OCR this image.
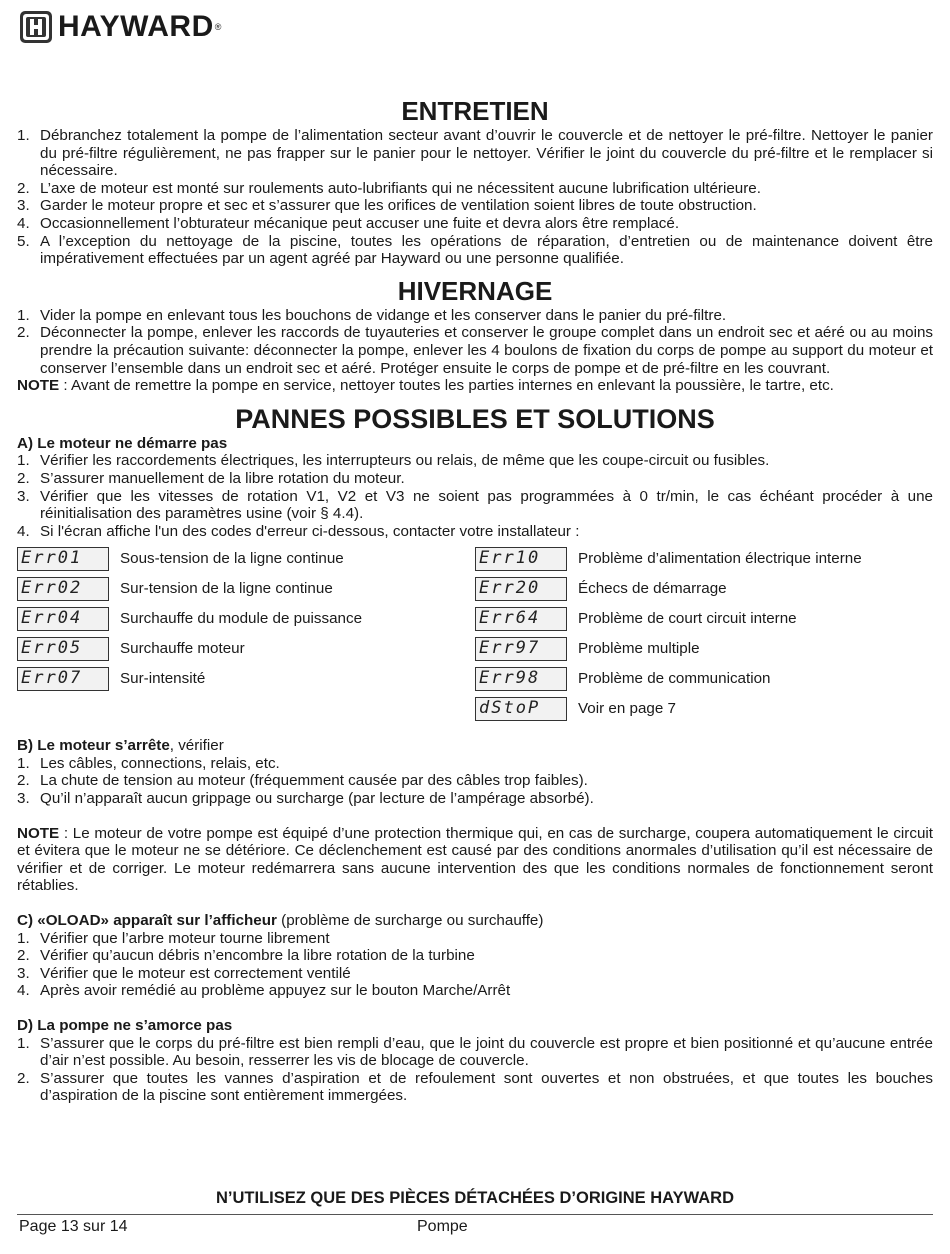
HAYWARD ®
ENTRETIEN
1. Débranchez totalement la pompe de l’alimentation secteur avant d’ouvrir le couvercle et de nettoyer le pré-filtre. Nettoyer le panier du pré-filtre régulièrement, ne pas frapper sur le panier pour le nettoyer. Vérifier le joint du couvercle du pré-filtre et le remplacer si nécessaire.
2. L’axe de moteur est monté sur roulements auto-lubrifiants qui ne nécessitent aucune lubrification ultérieure.
3. Garder le moteur propre et sec et s’assurer que les orifices de ventilation soient libres de toute obstruction.
4. Occasionnellement l’obturateur mécanique peut accuser une fuite et devra alors être remplacé.
5. A l’exception du nettoyage de la piscine, toutes les opérations de réparation, d’entretien ou de maintenance doivent être impérativement effectuées par un agent agréé par Hayward ou une personne qualifiée.
HIVERNAGE
1. Vider la pompe en enlevant tous les bouchons de vidange et les conserver dans le panier du pré-filtre.
2. Déconnecter la pompe, enlever les raccords de tuyauteries et conserver le groupe complet dans un endroit sec et aéré ou au moins prendre la précaution suivante: déconnecter la pompe, enlever les 4 boulons de fixation du corps de pompe au support du moteur et conserver l’ensemble dans un endroit sec et aéré. Protéger ensuite le corps de pompe et de pré-filtre en les couvrant.
NOTE : Avant de remettre la pompe en service, nettoyer toutes les parties internes en enlevant la poussière, le tartre, etc.
PANNES POSSIBLES ET SOLUTIONS
A) Le moteur ne démarre pas
1. Vérifier les raccordements électriques, les interrupteurs ou relais, de même que les coupe-circuit ou fusibles.
2. S’assurer manuellement de la libre rotation du moteur.
3. Vérifier que les vitesses de rotation V1, V2 et V3 ne soient pas programmées à 0 tr/min, le cas échéant procéder à une réinitialisation des paramètres usine (voir § 4.4).
4. Si l'écran affiche l'un des codes d'erreur ci-dessous, contacter votre installateur :
Err01	Sous-tension de la ligne continue
Err02	Sur-tension de la ligne continue
Err04	Surchauffe du module de puissance
Err05	Surchauffe moteur
Err07	Sur-intensité
Err10	Problème d’alimentation électrique interne
Err20	Échecs de démarrage
Err64	Problème de court circuit interne
Err97	Problème multiple
Err98	Problème de communication
dStoP	Voir en page 7
B) Le moteur s’arrête, vérifier
1. Les câbles, connections, relais, etc.
2. La chute de tension au moteur (fréquemment causée par des câbles trop faibles).
3. Qu’il n’apparaît aucun grippage ou surcharge (par lecture de l’ampérage absorbé).
NOTE : Le moteur de votre pompe est équipé d’une protection thermique qui, en cas de surcharge, coupera automatiquement le circuit et évitera que le moteur ne se détériore. Ce déclenchement est causé par des conditions anormales d’utilisation qu’il est nécessaire de vérifier et de corriger. Le moteur redémarrera sans aucune intervention des que les conditions normales de fonctionnement seront rétablies.
C) «OLOAD» apparaît sur l’afficheur (problème de surcharge ou surchauffe)
1. Vérifier que l’arbre moteur tourne librement
2. Vérifier qu’aucun débris n’encombre la libre rotation de la turbine
3. Vérifier que le moteur est correctement ventilé
4. Après avoir remédié au problème appuyez sur le bouton Marche/Arrêt
D) La pompe ne s’amorce pas
1. S’assurer que le corps du pré-filtre est bien rempli d’eau, que le joint du couvercle est propre et bien positionné et qu’aucune entrée d’air n’est possible. Au besoin, resserrer les vis de blocage de couvercle.
2. S’assurer que toutes les vannes d’aspiration et de refoulement sont ouvertes et non obstruées, et que toutes les bouches d’aspiration de la piscine sont entièrement immergées.
N’UTILISEZ QUE DES PIÈCES DÉTACHÉES D’ORIGINE HAYWARD
Page 13 sur 14	Pompe
